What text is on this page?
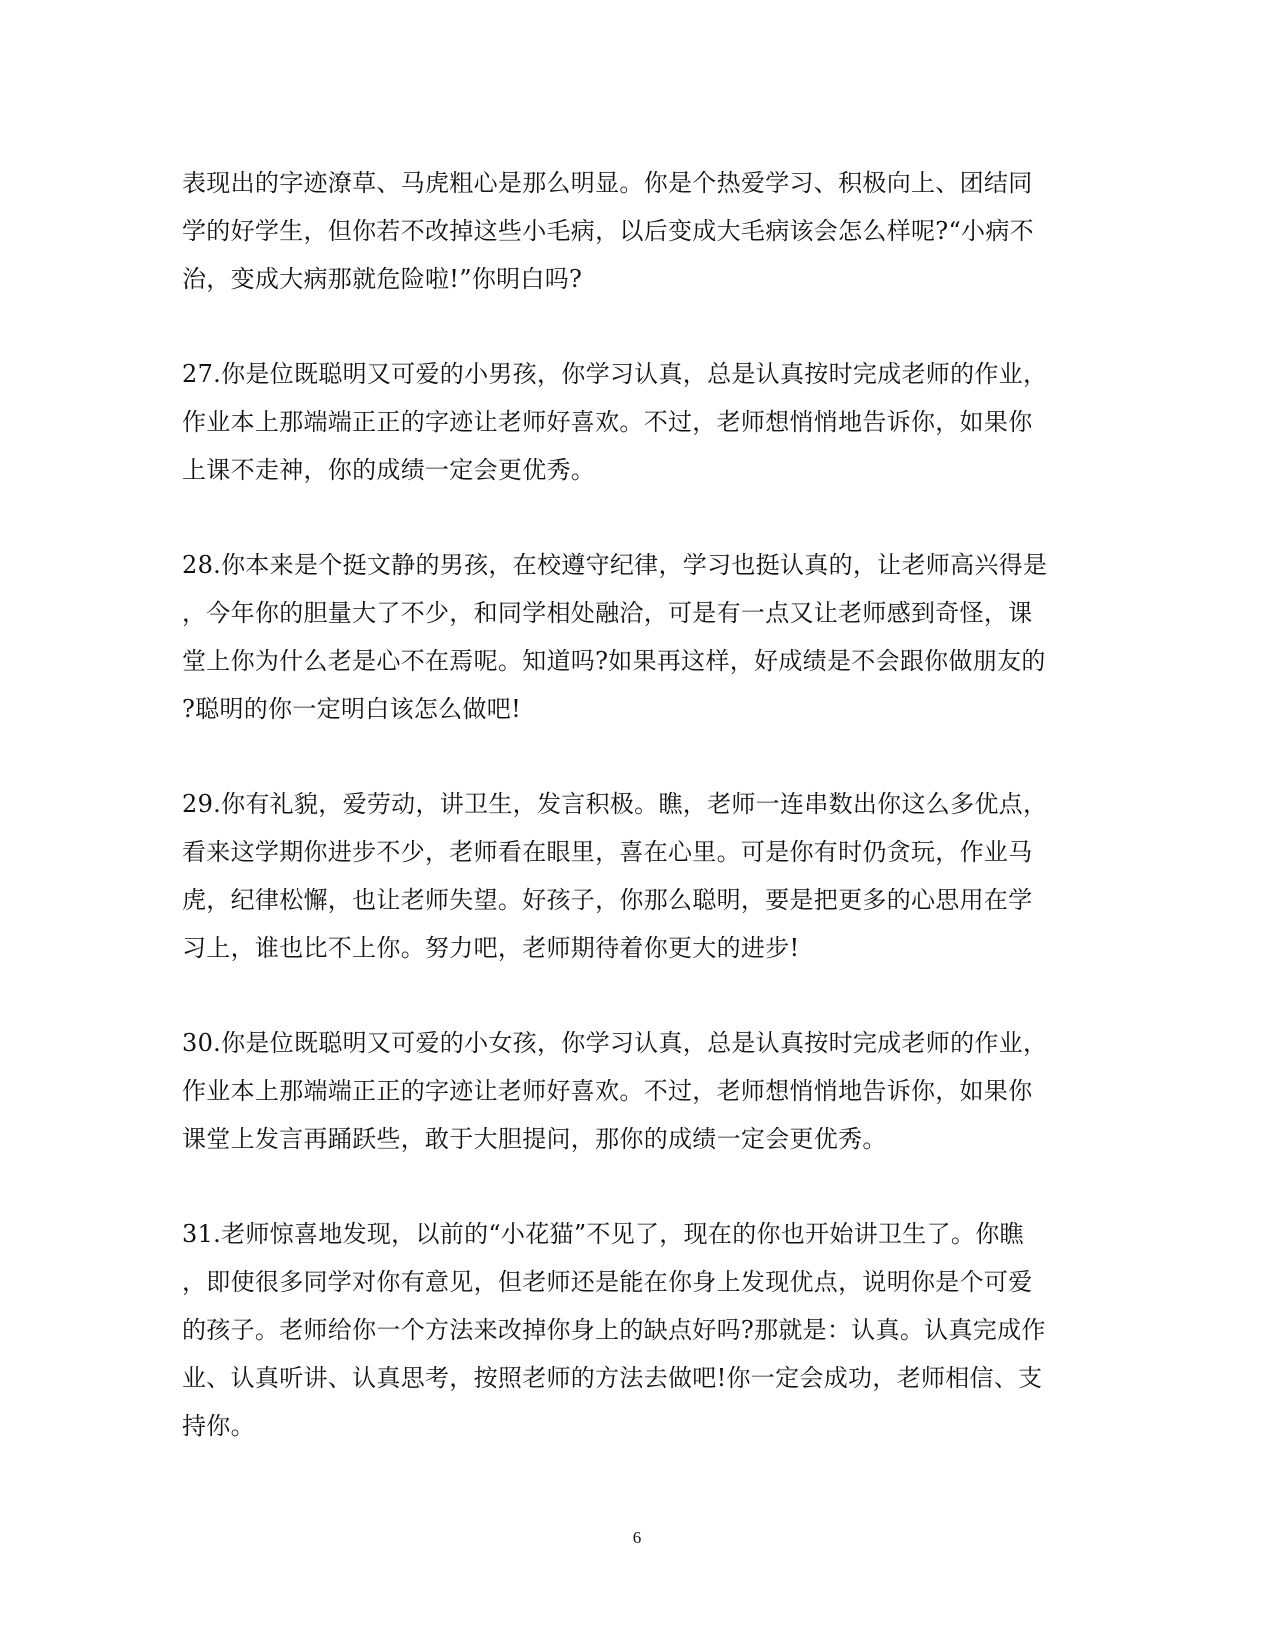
表现出的字迹潦草、马虎粗心是那么明显。你是个热爱学习、积极向上、团结同
学的好学生，但你若不改掉这些小毛病，以后变成大毛病该会怎么样呢?“小病不
治，变成大病那就危险啦!”你明白吗?
27.你是位既聪明又可爱的小男孩，你学习认真，总是认真按时完成老师的作业，
作业本上那端端正正的字迹让老师好喜欢。不过，老师想悄悄地告诉你，如果你
上课不走神，你的成绩一定会更优秀。
28.你本来是个挺文静的男孩，在校遵守纪律，学习也挺认真的，让老师高兴得是
，今年你的胆量大了不少，和同学相处融洽，可是有一点又让老师感到奇怪，课
堂上你为什么老是心不在焉呢。知道吗?如果再这样，好成绩是不会跟你做朋友的
?聪明的你一定明白该怎么做吧!
29.你有礼貌，爱劳动，讲卫生，发言积极。瞧，老师一连串数出你这么多优点，
看来这学期你进步不少，老师看在眼里，喜在心里。可是你有时仍贪玩，作业马
虎，纪律松懈，也让老师失望。好孩子，你那么聪明，要是把更多的心思用在学
习上，谁也比不上你。努力吧，老师期待着你更大的进步!
30.你是位既聪明又可爱的小女孩，你学习认真，总是认真按时完成老师的作业，
作业本上那端端正正的字迹让老师好喜欢。不过，老师想悄悄地告诉你，如果你
课堂上发言再踊跃些，敢于大胆提问，那你的成绩一定会更优秀。
31.老师惊喜地发现，以前的“小花猫”不见了，现在的你也开始讲卫生了。你瞧
，即使很多同学对你有意见，但老师还是能在你身上发现优点，说明你是个可爱
的孩子。老师给你一个方法来改掉你身上的缺点好吗?那就是：认真。认真完成作
业、认真听讲、认真思考，按照老师的方法去做吧!你一定会成功，老师相信、支
持你。
6
